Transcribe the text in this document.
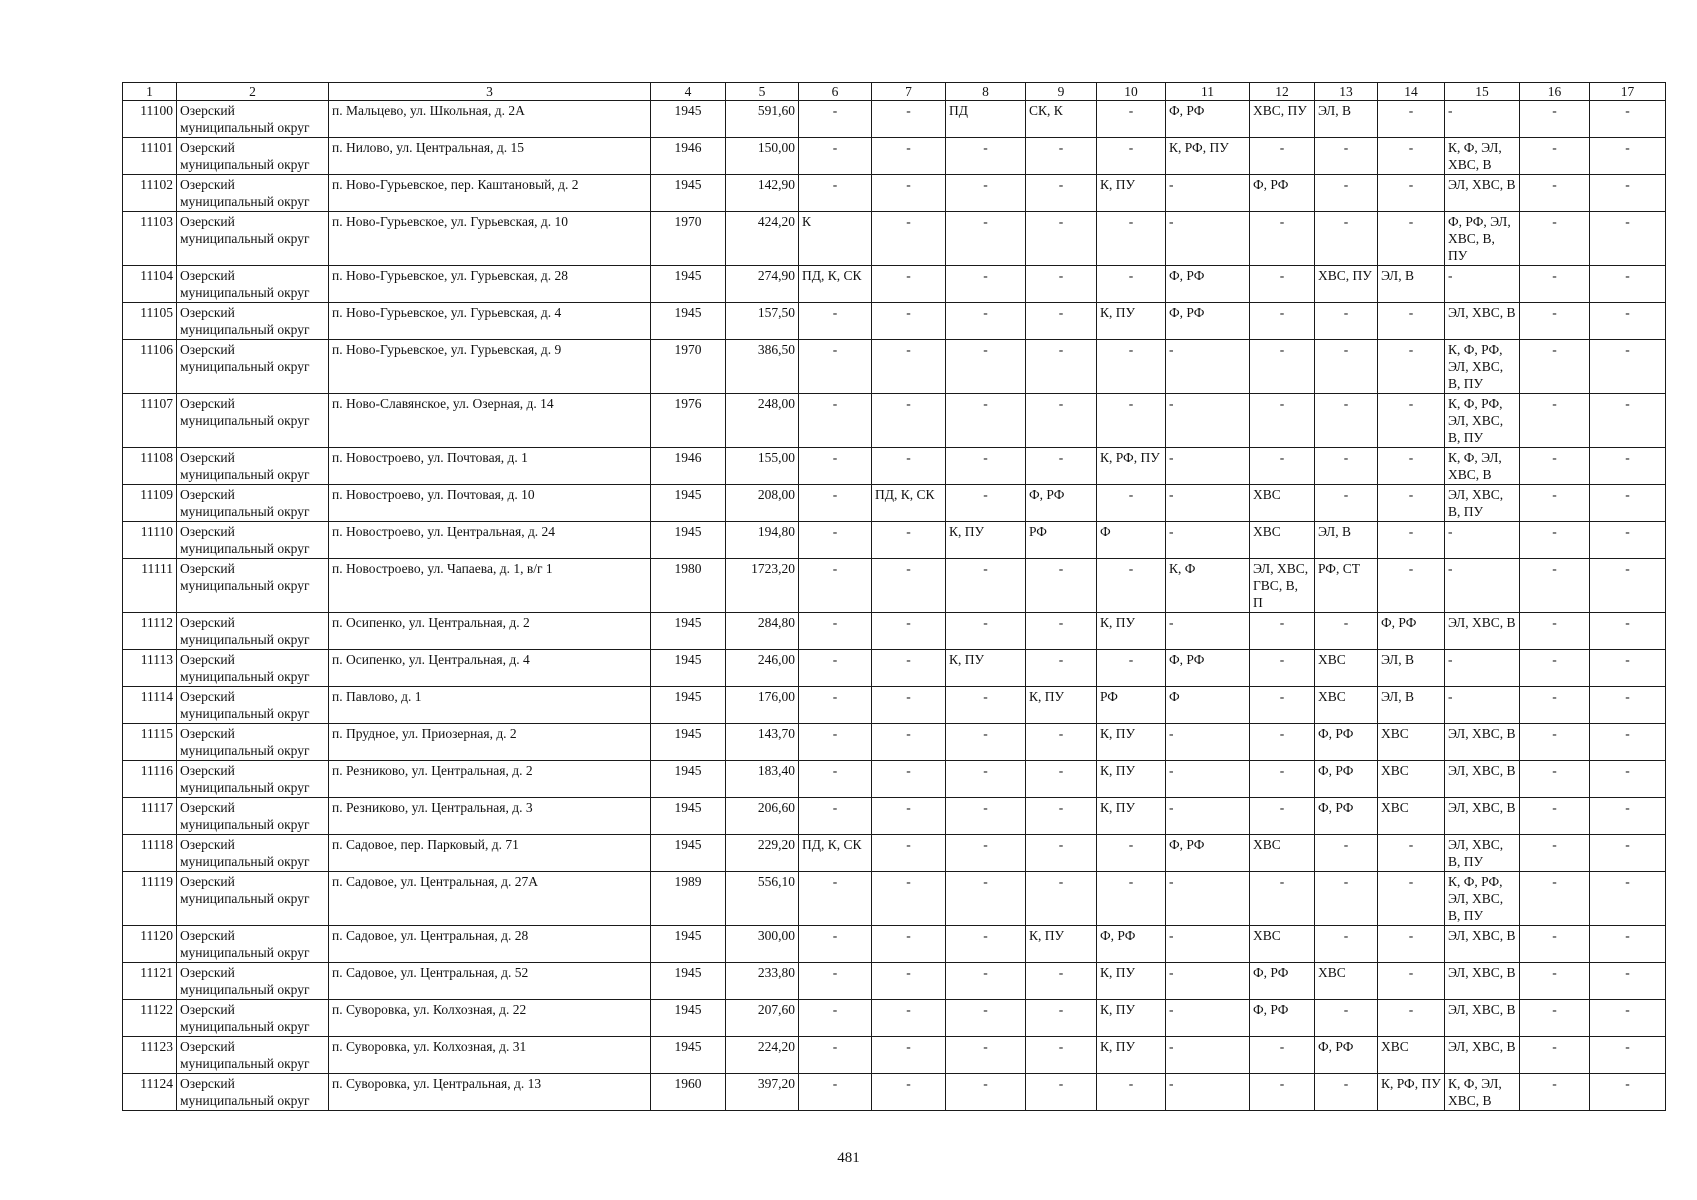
1	2	3	4	5	6	7	8	9	10	11	12	13	14	15	16	17
11100	Озерский муниципальный округ	п. Мальцево, ул. Школьная, д. 2А	1945	591,60	-	-	ПД	СК, К	-	Ф, РФ	ХВС, ПУ	ЭЛ, В	-	-	-	-
11101	Озерский муниципальный округ	п. Нилово, ул. Центральная, д. 15	1946	150,00	-	-	-	-	-	К, РФ, ПУ	-	-	-	К, Ф, ЭЛ, ХВС, В	-	-
11102	Озерский муниципальный округ	п. Ново-Гурьевское, пер. Каштановый, д. 2	1945	142,90	-	-	-	-	К, ПУ	-	Ф, РФ	-	-	ЭЛ, ХВС, В	-	-
11103	Озерский муниципальный округ	п. Ново-Гурьевское, ул. Гурьевская, д. 10	1970	424,20	К	-	-	-	-	-	-	-	-	Ф, РФ, ЭЛ, ХВС, В, ПУ	-	-
11104	Озерский муниципальный округ	п. Ново-Гурьевское, ул. Гурьевская, д. 28	1945	274,90	ПД, К, СК	-	-	-	-	Ф, РФ	-	ХВС, ПУ	ЭЛ, В	-	-	-
11105	Озерский муниципальный округ	п. Ново-Гурьевское, ул. Гурьевская, д. 4	1945	157,50	-	-	-	-	К, ПУ	Ф, РФ	-	-	-	ЭЛ, ХВС, В	-	-
11106	Озерский муниципальный округ	п. Ново-Гурьевское, ул. Гурьевская, д. 9	1970	386,50	-	-	-	-	-	-	-	-	-	К, Ф, РФ, ЭЛ, ХВС, В, ПУ	-	-
11107	Озерский муниципальный округ	п. Ново-Славянское, ул. Озерная, д. 14	1976	248,00	-	-	-	-	-	-	-	-	-	К, Ф, РФ, ЭЛ, ХВС, В, ПУ	-	-
11108	Озерский муниципальный округ	п. Новостроево, ул. Почтовая, д. 1	1946	155,00	-	-	-	-	К, РФ, ПУ	-	-	-	-	К, Ф, ЭЛ, ХВС, В	-	-
11109	Озерский муниципальный округ	п. Новостроево, ул. Почтовая, д. 10	1945	208,00	-	ПД, К, СК	-	Ф, РФ	-	-	ХВС	-	-	ЭЛ, ХВС, В, ПУ	-	-
11110	Озерский муниципальный округ	п. Новостроево, ул. Центральная, д. 24	1945	194,80	-	-	К, ПУ	РФ	Ф	-	ХВС	ЭЛ, В	-	-	-	-
11111	Озерский муниципальный округ	п. Новостроево, ул. Чапаева, д. 1, в/г 1	1980	1723,20	-	-	-	-	-	К, Ф	ЭЛ, ХВС, ГВС, В, П	РФ, СТ	-	-	-	-
11112	Озерский муниципальный округ	п. Осипенко, ул. Центральная, д. 2	1945	284,80	-	-	-	-	К, ПУ	-	-	-	Ф, РФ	ЭЛ, ХВС, В	-	-
11113	Озерский муниципальный округ	п. Осипенко, ул. Центральная, д. 4	1945	246,00	-	-	К, ПУ	-	-	Ф, РФ	-	ХВС	ЭЛ, В	-	-	-
11114	Озерский муниципальный округ	п. Павлово, д. 1	1945	176,00	-	-	-	К, ПУ	РФ	Ф	-	ХВС	ЭЛ, В	-	-	-
11115	Озерский муниципальный округ	п. Прудное, ул. Приозерная, д. 2	1945	143,70	-	-	-	-	К, ПУ	-	-	Ф, РФ	ХВС	ЭЛ, ХВС, В	-	-
11116	Озерский муниципальный округ	п. Резниково, ул. Центральная, д. 2	1945	183,40	-	-	-	-	К, ПУ	-	-	Ф, РФ	ХВС	ЭЛ, ХВС, В	-	-
11117	Озерский муниципальный округ	п. Резниково, ул. Центральная, д. 3	1945	206,60	-	-	-	-	К, ПУ	-	-	Ф, РФ	ХВС	ЭЛ, ХВС, В	-	-
11118	Озерский муниципальный округ	п. Садовое, пер. Парковый, д. 71	1945	229,20	ПД, К, СК	-	-	-	-	Ф, РФ	ХВС	-	-	ЭЛ, ХВС, В, ПУ	-	-
11119	Озерский муниципальный округ	п. Садовое, ул. Центральная, д. 27А	1989	556,10	-	-	-	-	-	-	-	-	-	К, Ф, РФ, ЭЛ, ХВС, В, ПУ	-	-
11120	Озерский муниципальный округ	п. Садовое, ул. Центральная, д. 28	1945	300,00	-	-	-	К, ПУ	Ф, РФ	-	ХВС	-	-	ЭЛ, ХВС, В	-	-
11121	Озерский муниципальный округ	п. Садовое, ул. Центральная, д. 52	1945	233,80	-	-	-	-	К, ПУ	-	Ф, РФ	ХВС	-	ЭЛ, ХВС, В	-	-
11122	Озерский муниципальный округ	п. Суворовка, ул. Колхозная, д. 22	1945	207,60	-	-	-	-	К, ПУ	-	Ф, РФ	-	-	ЭЛ, ХВС, В	-	-
11123	Озерский муниципальный округ	п. Суворовка, ул. Колхозная, д. 31	1945	224,20	-	-	-	-	К, ПУ	-	-	Ф, РФ	ХВС	ЭЛ, ХВС, В	-	-
11124	Озерский муниципальный округ	п. Суворовка, ул. Центральная, д. 13	1960	397,20	-	-	-	-	-	-	-	-	К, РФ, ПУ	К, Ф, ЭЛ, ХВС, В	-	-
481
